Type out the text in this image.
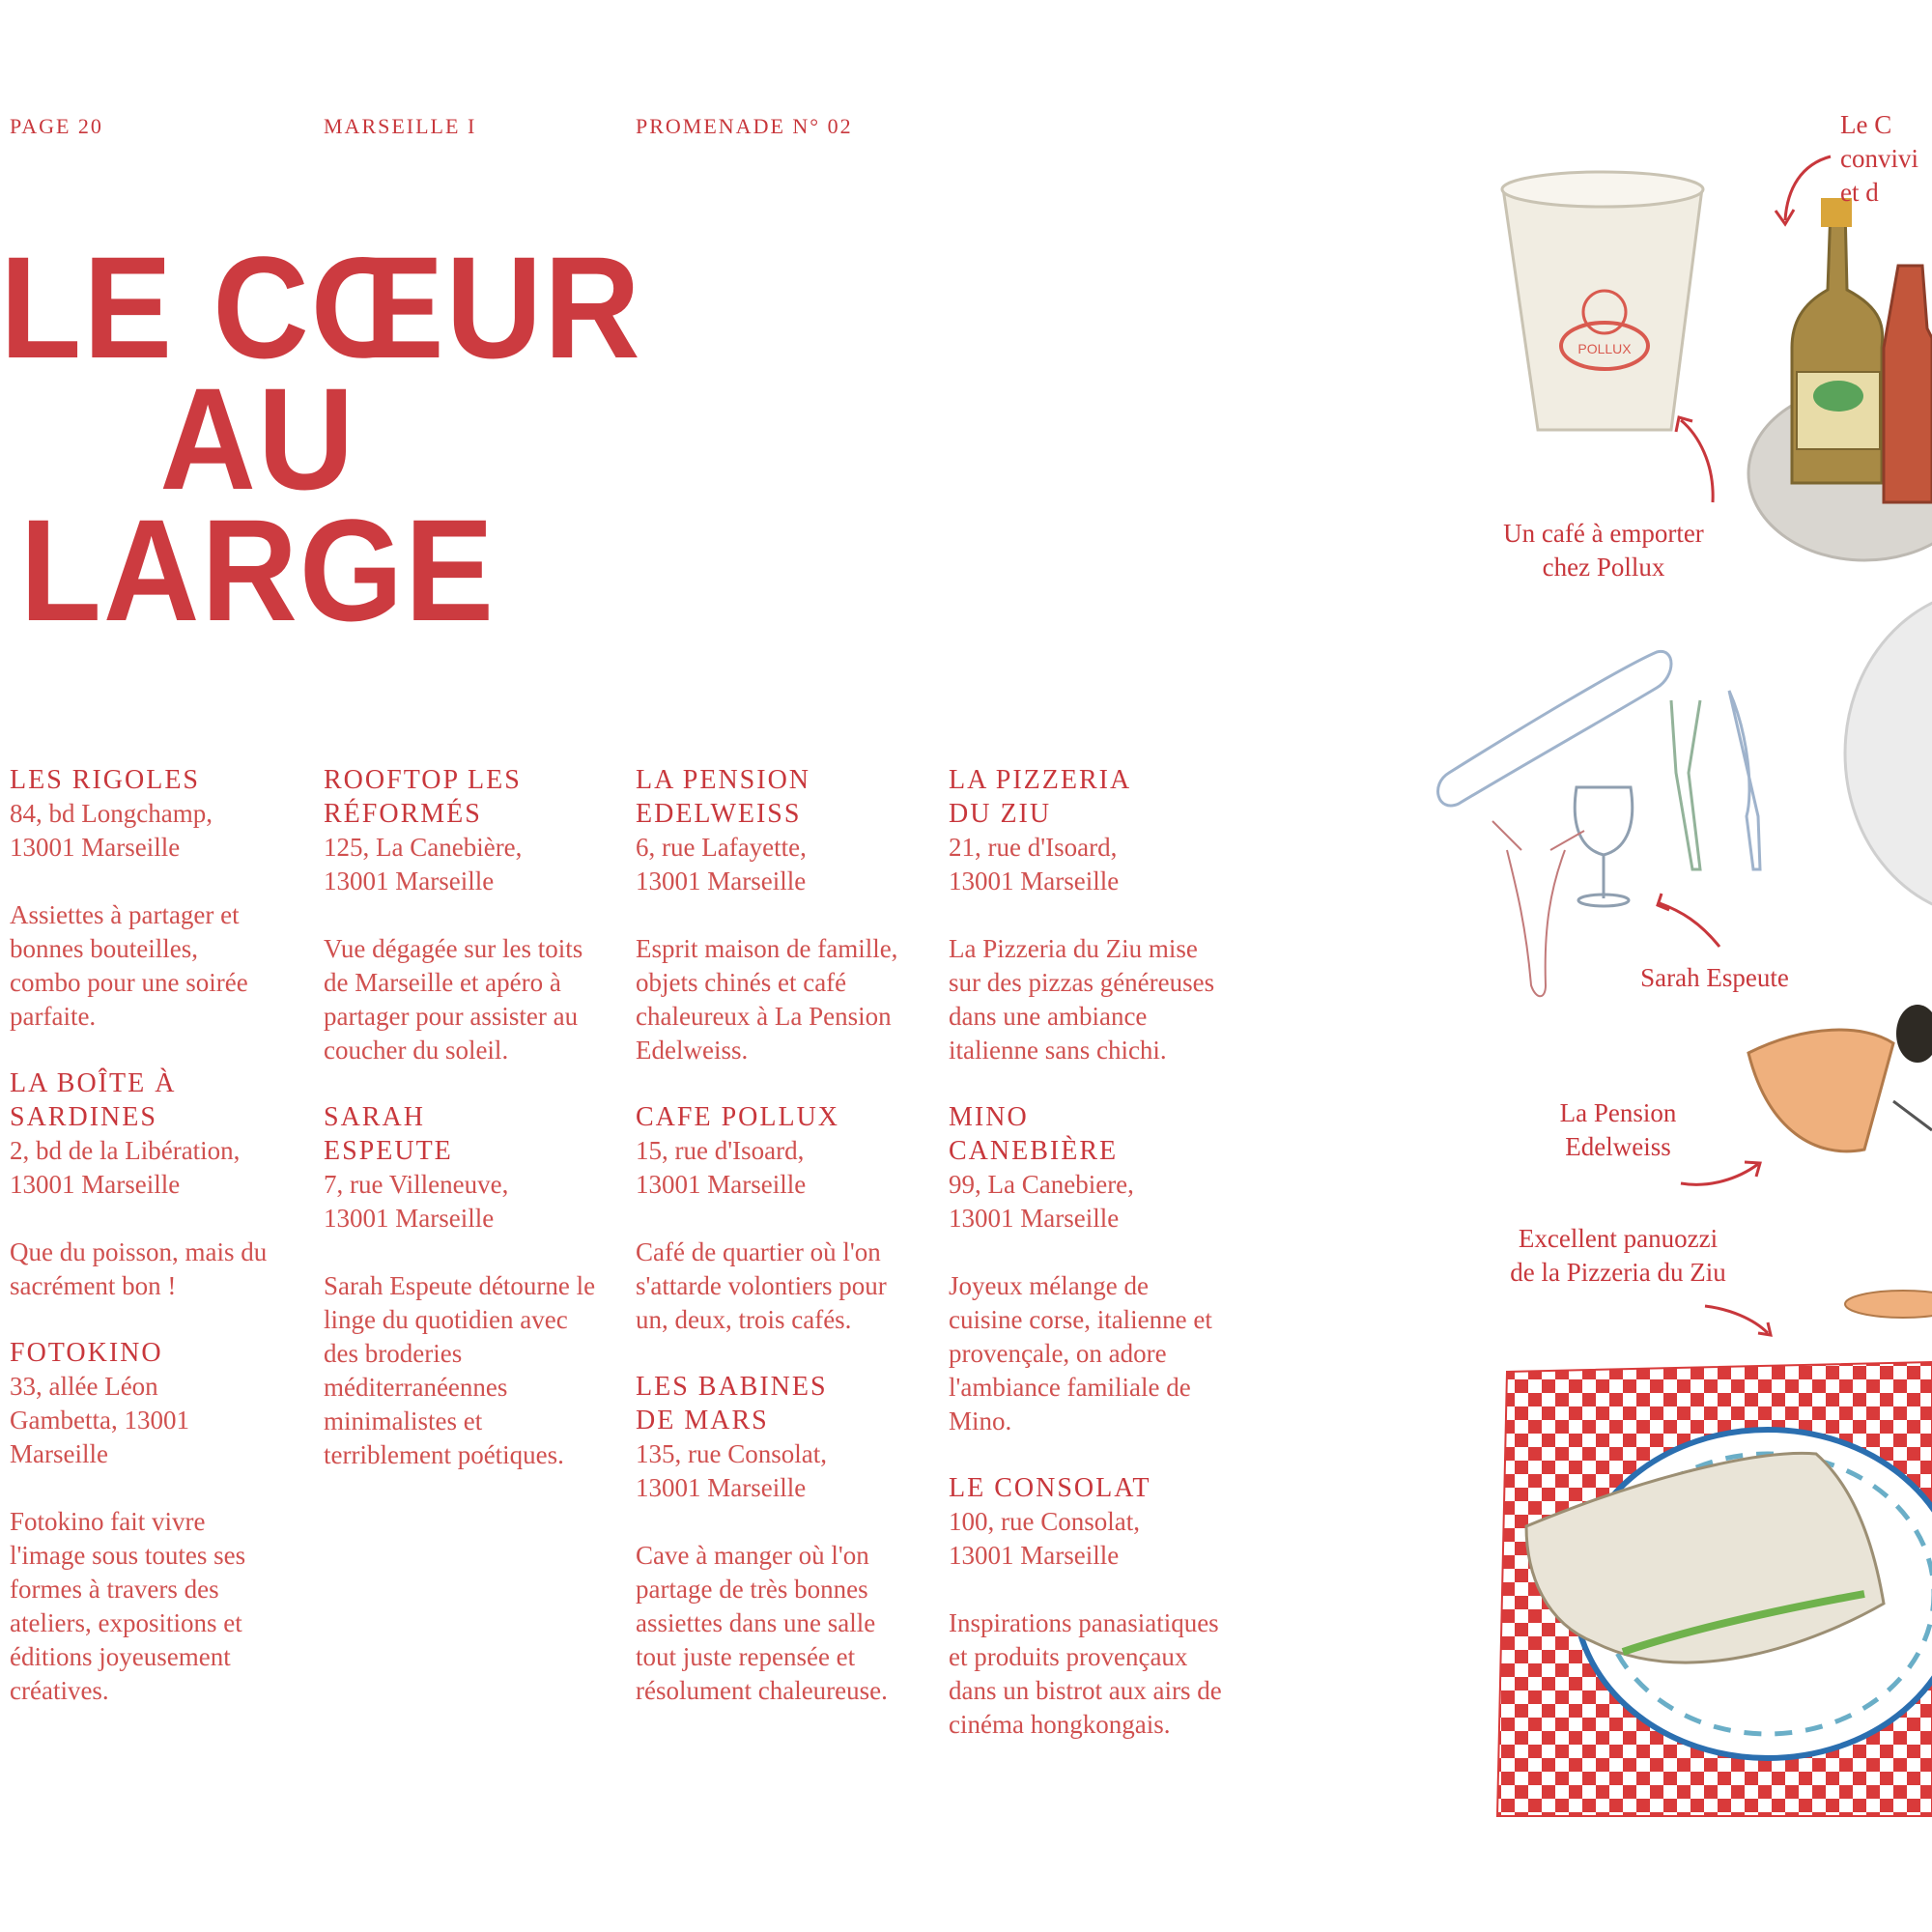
PAGE 20	MARSEILLE I	PROMENADE N° 02
LE CŒUR
AU
LARGE
LES RIGOLES
84, bd Longchamp, 13001 Marseille
Assiettes à partager et bonnes bouteilles, combo pour une soirée parfaite.
LA BOÎTE À SARDINES
2, bd de la Libération, 13001 Marseille
Que du poisson, mais du sacrément bon !
FOTOKINO
33, allée Léon Gambetta, 13001 Marseille
Fotokino fait vivre l'image sous toutes ses formes à travers des ateliers, expositions et éditions joyeusement créatives.
ROOFTOP LES RÉFORMÉS
125, La Canebière, 13001 Marseille
Vue dégagée sur les toits de Marseille et apéro à partager pour assister au coucher du soleil.
SARAH ESPEUTE
7, rue Villeneuve, 13001 Marseille
Sarah Espeute détourne le linge du quotidien avec des broderies méditerranéennes minimalistes et terriblement poétiques.
LA PENSION EDELWEISS
6, rue Lafayette, 13001 Marseille
Esprit maison de famille, objets chinés et café chaleureux à La Pension Edelweiss.
CAFE POLLUX
15, rue d'Isoard, 13001 Marseille
Café de quartier où l'on s'attarde volontiers pour un, deux, trois cafés.
LES BABINES DE MARS
135, rue Consolat, 13001 Marseille
Cave à manger où l'on partage de très bonnes assiettes dans une salle tout juste repensée et résolument chaleureuse.
LA PIZZERIA DU ZIU
21, rue d'Isoard, 13001 Marseille
La Pizzeria du Ziu mise sur des pizzas généreuses dans une ambiance italienne sans chichi.
MINO CANEBIÈRE
99, La Canebiere, 13001 Marseille
Joyeux mélange de cuisine corse, italienne et provençale, on adore l'ambiance familiale de Mino.
LE CONSOLAT
100, rue Consolat, 13001 Marseille
Inspirations panasiatiques et produits provençaux dans un bistrot aux airs de cinéma hongkongais.
POLLUX
Le C
convivi
et d
Un café à emporter
chez Pollux
Sarah Espeute
La Pension
Edelweiss
Excellent panuozzi
de la Pizzeria du Ziu
